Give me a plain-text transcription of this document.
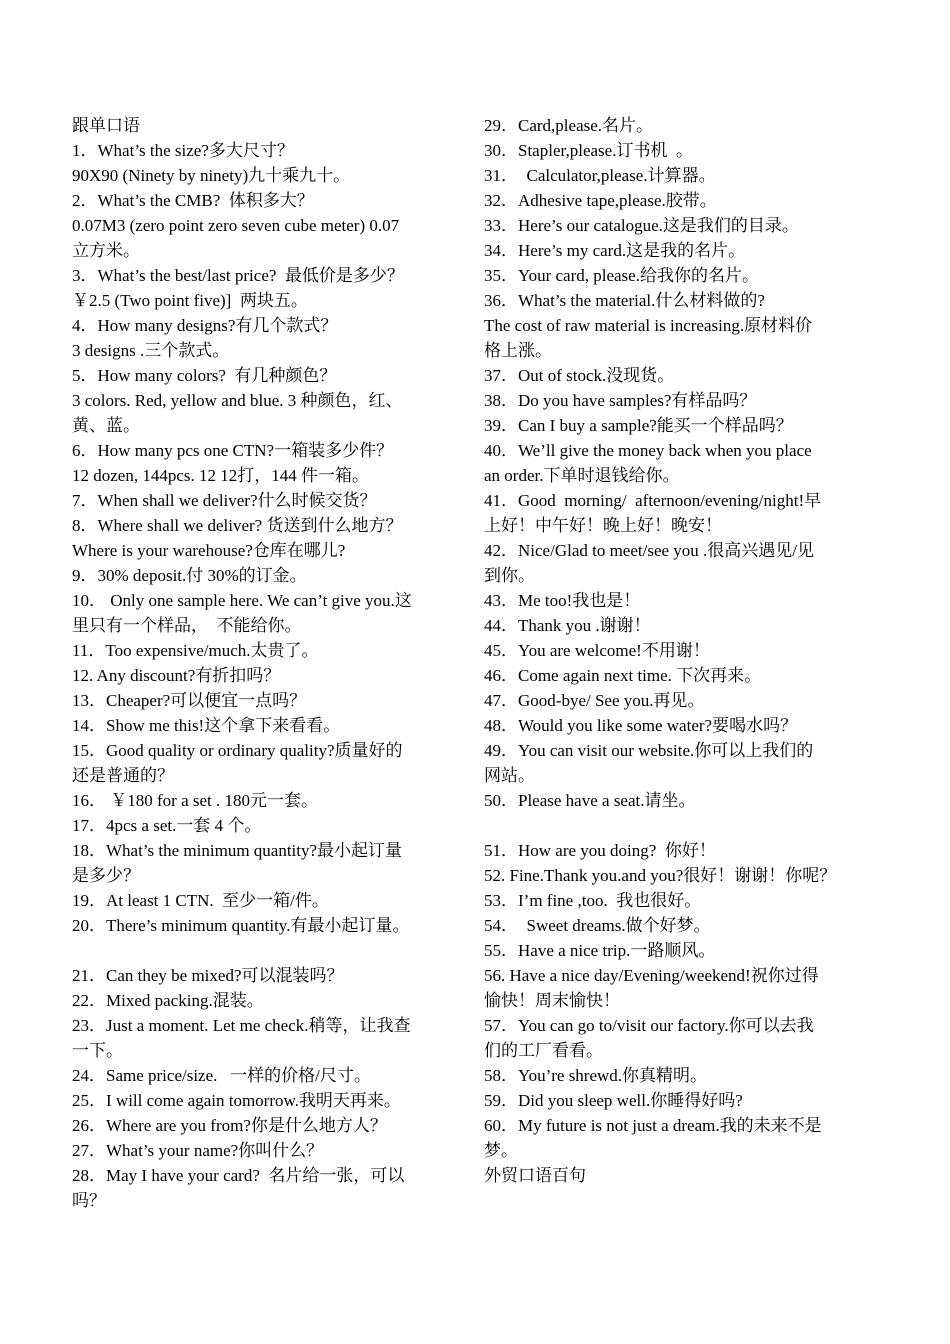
跟单口语
1．What’s the size?多大尺寸？
90X90 (Ninety by ninety)九十乘九十。
2．What’s the CMB?  体积多大？
0.07M3 (zero point zero seven cube meter) 0.07
立方米。
3．What’s the best/last price?  最低价是多少？
￥2.5 (Two point five)]  两块五。
4．How many designs?有几个款式？
3 designs .三个款式。
5．How many colors?  有几种颜色？
3 colors. Red, yellow and blue. 3 种颜色，红、
黄、蓝。
6．How many pcs one CTN?一箱装多少件？
12 dozen, 144pcs. 12 12打，144 件一箱。
7．When shall we deliver?什么时候交货？
8．Where shall we deliver? 货送到什么地方？
Where is your warehouse?仓库在哪儿?
9．30% deposit.付 30%的订金。
10． Only one sample here. We can’t give you.这
里只有一个样品，  不能给你。
11．Too expensive/much.太贵了。
12. Any discount?有折扣吗？
13．Cheaper?可以便宜一点吗？
14．Show me this!这个拿下来看看。
15．Good quality or ordinary quality?质量好的
还是普通的？
16． ￥180 for a set . 180元一套。
17．4pcs a set.一套 4 个。
18．What’s the minimum quantity?最小起订量
是多少？
19．At least 1 CTN.  至少一箱/件。
20．There’s minimum quantity.有最小起订量。
21．Can they be mixed?可以混装吗？
22．Mixed packing.混装。
23．Just a moment. Let me check.稍等，让我查
一下。
24．Same price/size.   一样的价格/尺寸。
25．I will come again tomorrow.我明天再来。
26．Where are you from?你是什么地方人？
27．What’s your name?你叫什么？
28．May I have your card?  名片给一张，可以
吗？
29．Card,please.名片。
30．Stapler,please.订书机  。
31．  Calculator,please.计算器。
32．Adhesive tape,please.胶带。
33．Here’s our catalogue.这是我们的目录。
34．Here’s my card.这是我的名片。
35．Your card, please.给我你的名片。
36．What’s the material.什么材料做的?
The cost of raw material is increasing.原材料价
格上涨。
37．Out of stock.没现货。
38．Do you have samples?有样品吗？
39．Can I buy a sample?能买一个样品吗？
40．We’ll give the money back when you place
an order.下单时退钱给你。
41．Good  morning/  afternoon/evening/night!早
上好！中午好！晚上好！晚安！
42．Nice/Glad to meet/see you .很高兴遇见/见
到你。
43．Me too!我也是！
44．Thank you .谢谢！
45．You are welcome!不用谢！
46．Come again next time. 下次再来。
47．Good-bye/ See you.再见。
48．Would you like some water?要喝水吗？
49．You can visit our website.你可以上我们的
网站。
50．Please have a seat.请坐。
51．How are you doing?  你好！
52. Fine.Thank you.and you?很好！谢谢！你呢？
53．I’m fine ,too.  我也很好。
54．  Sweet dreams.做个好梦。
55．Have a nice trip.一路顺风。
56. Have a nice day/Evening/weekend!祝你过得
愉快！周末愉快！
57．You can go to/visit our factory.你可以去我
们的工厂看看。
58．You’re shrewd.你真精明。
59．Did you sleep well.你睡得好吗?
60．My future is not just a dream.我的未来不是
梦。
外贸口语百句
